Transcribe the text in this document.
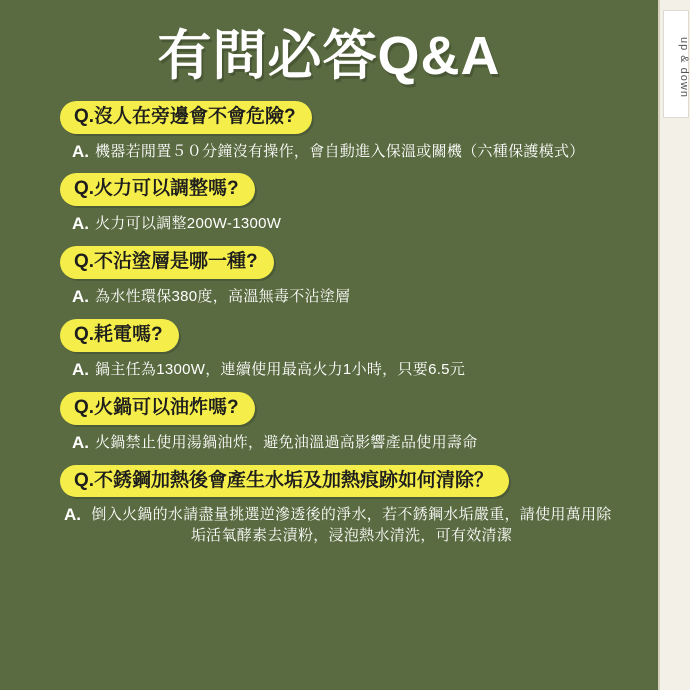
有問必答Q&A
Q.沒人在旁邊會不會危險?
A. 機器若閒置５０分鐘沒有操作，會自動進入保溫或關機（六種保護模式）
Q.火力可以調整嗎?
A. 火力可以調整200W-1300W
Q.不沾塗層是哪一種?
A. 為水性環保380度，高溫無毒不沾塗層
Q.耗電嗎?
A. 鍋主任為1300W，連續使用最高火力1小時，只要6.5元
Q.火鍋可以油炸嗎?
A. 火鍋禁止使用湯鍋油炸，避免油溫過高影響產品使用壽命
Q.不銹鋼加熱後會產生水垢及加熱痕跡如何清除？
A. 倒入火鍋的水請盡量挑選逆滲透後的淨水，若不銹鋼水垢嚴重，請使用萬用除垢活氧酵素去漬粉，浸泡熱水清洗，可有效清潔
up & down
